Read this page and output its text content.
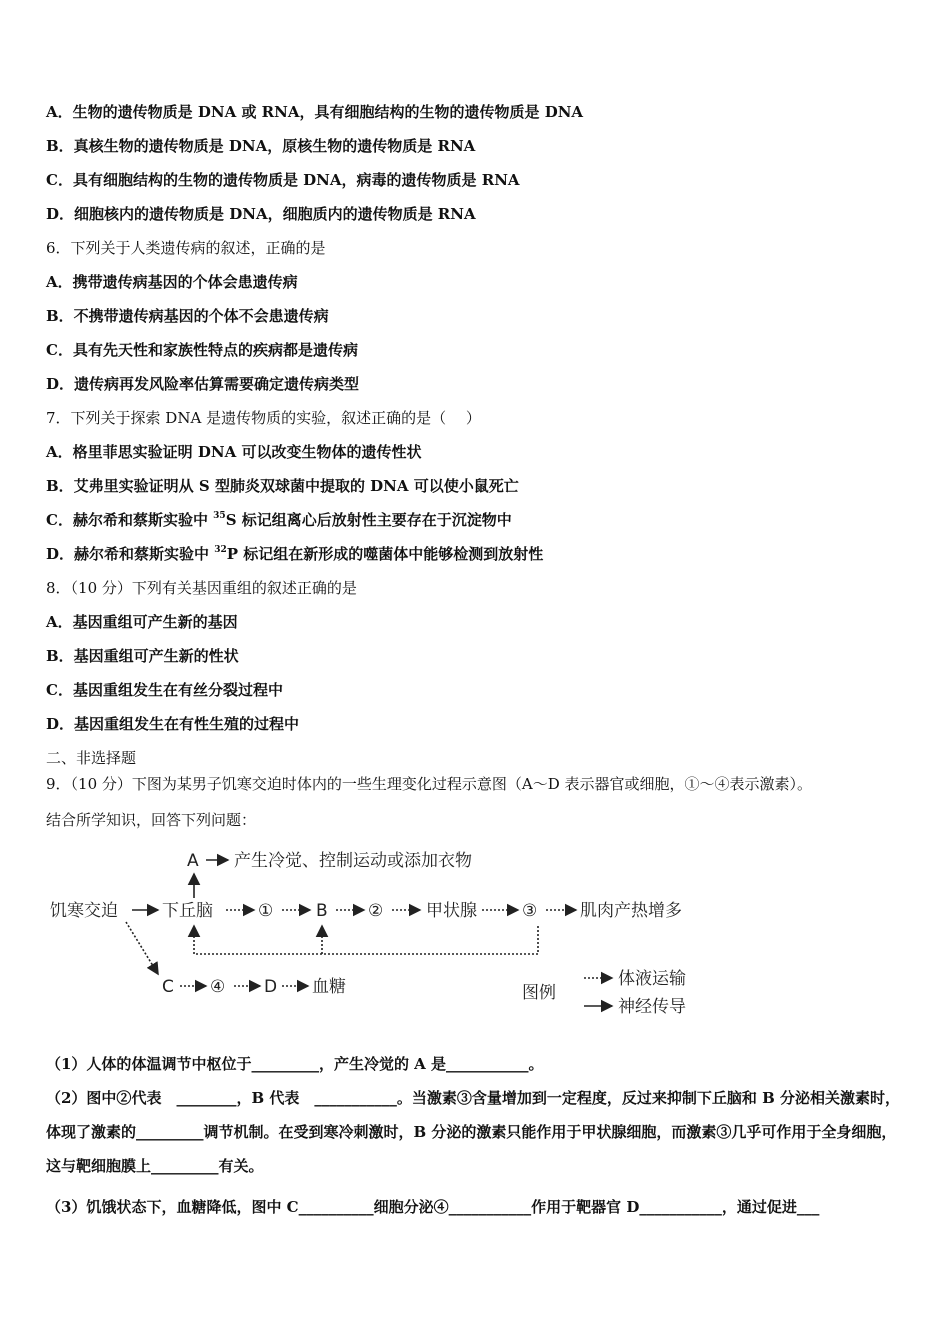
A．生物的遗传物质是 DNA 或 RNA，具有细胞结构的生物的遗传物质是 DNA
B．真核生物的遗传物质是 DNA，原核生物的遗传物质是 RNA
C．具有细胞结构的生物的遗传物质是 DNA，病毒的遗传物质是 RNA
D．细胞核内的遗传物质是 DNA，细胞质内的遗传物质是 RNA
6．下列关于人类遗传病的叙述，正确的是
A．携带遗传病基因的个体会患遗传病
B．不携带遗传病基因的个体不会患遗传病
C．具有先天性和家族性特点的疾病都是遗传病
D．遗传病再发风险率估算需要确定遗传病类型
7．下列关于探索 DNA 是遗传物质的实验，叙述正确的是（　 ）
A．格里菲思实验证明 DNA 可以改变生物体的遗传性状
B．艾弗里实验证明从 S 型肺炎双球菌中提取的 DNA 可以使小鼠死亡
C．赫尔希和蔡斯实验中 $^{35}$S 标记组离心后放射性主要存在于沉淀物中
D．赫尔希和蔡斯实验中 $^{32}$P 标记组在新形成的噬菌体中能够检测到放射性
8．（10 分）下列有关基因重组的叙述正确的是
A．基因重组可产生新的基因
B．基因重组可产生新的性状
C．基因重组发生在有丝分裂过程中
D．基因重组发生在有性生殖的过程中
二、非选择题
9．（10 分）下图为某男子饥寒交迫时体内的一些生理变化过程示意图（A～D 表示器官或细胞，①～④表示激素）。
结合所学知识，回答下列问题：
A 产生冷觉、控制运动或添加衣物
饥寒交迫	下丘脑	①	B ②	甲状腺	③	肌肉产热增多
C ④ D 血糖	图例
体液运输
神经传导
（1）人体的体温调节中枢位于_________，产生冷觉的 A 是___________。
（2）图中②代表　________，B 代表　___________。当激素③含量增加到一定程度，反过来抑制下丘脑和 B 分泌相关激素时，体现了激素的_________调节机制。在受到寒冷刺激时，B 分泌的激素只能作用于甲状腺细胞，而激素③几乎可作用于全身细胞，这与靶细胞膜上_________有关。
（3）饥饿状态下，血糖降低，图中 C__________细胞分泌④___________作用于靶器官 D___________，通过促进___
